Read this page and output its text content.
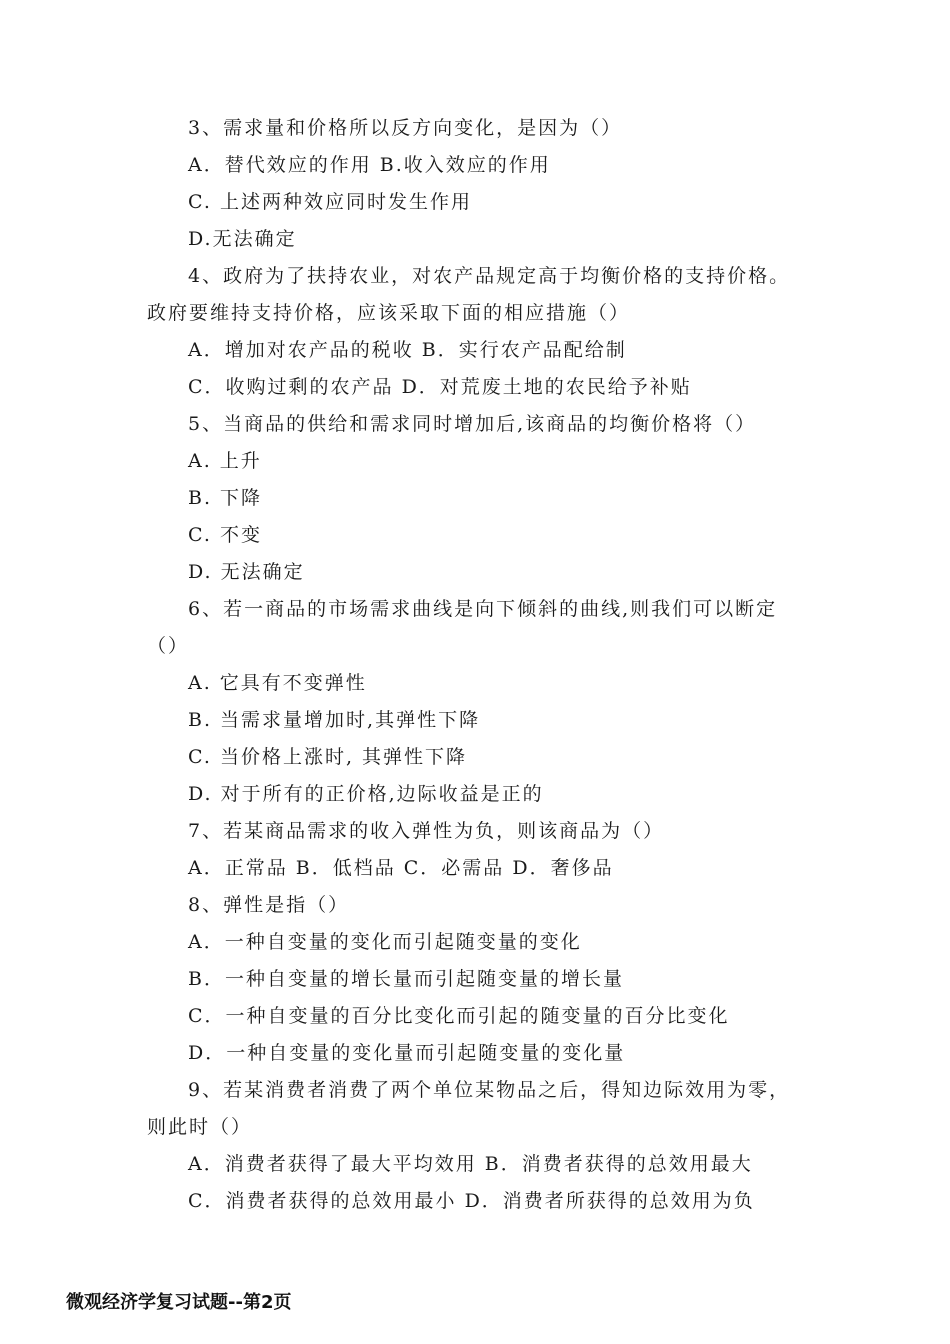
3、需求量和价格所以反方向变化，是因为（）
A．替代效应的作用 B.收入效应的作用
C. 上述两种效应同时发生作用
D.无法确定
4、政府为了扶持农业，对农产品规定高于均衡价格的支持价格。
政府要维持支持价格，应该采取下面的相应措施（）
A．增加对农产品的税收 B．实行农产品配给制
C．收购过剩的农产品 D．对荒废土地的农民给予补贴
5、当商品的供给和需求同时增加后,该商品的均衡价格将（）
A. 上升
B. 下降
C. 不变
D. 无法确定
6、若一商品的市场需求曲线是向下倾斜的曲线,则我们可以断定
（）
A. 它具有不变弹性
B. 当需求量增加时,其弹性下降
C. 当价格上涨时, 其弹性下降
D. 对于所有的正价格,边际收益是正的
7、若某商品需求的收入弹性为负，则该商品为（）
A．正常品 B．低档品 C．必需品 D．奢侈品
8、弹性是指（）
A．一种自变量的变化而引起随变量的变化
B．一种自变量的增长量而引起随变量的增长量
C．一种自变量的百分比变化而引起的随变量的百分比变化
D．一种自变量的变化量而引起随变量的变化量
9、若某消费者消费了两个单位某物品之后，得知边际效用为零，
则此时（）
A．消费者获得了最大平均效用 B．消费者获得的总效用最大
C．消费者获得的总效用最小 D．消费者所获得的总效用为负
微观经济学复习试题--第2页
